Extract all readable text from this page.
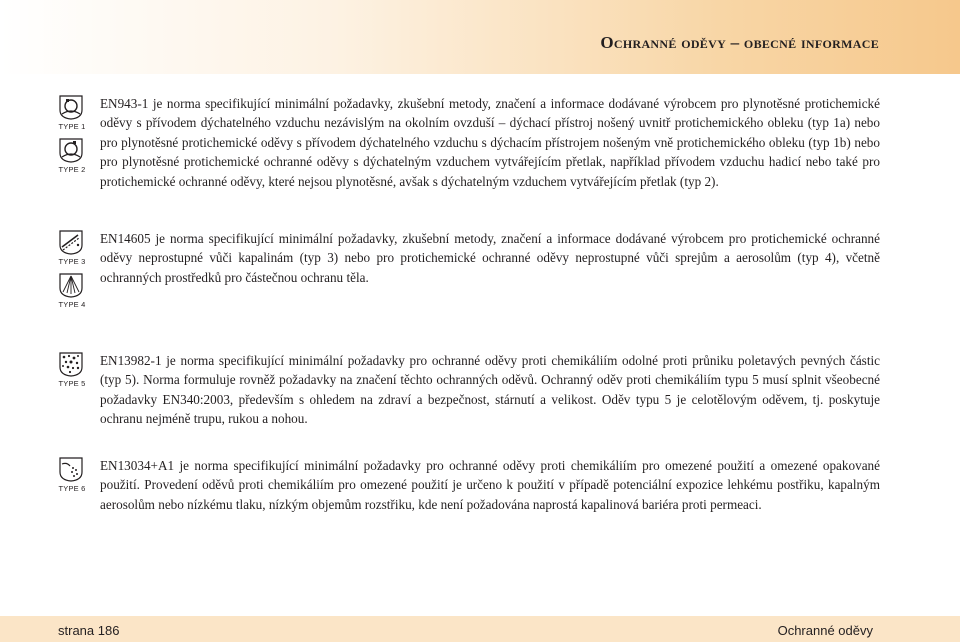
Ochranné oděvy – obecné informace
TYPE 1
TYPE 2

EN943-1 je norma specifikující minimální požadavky, zkušební metody, značení a informace dodávané výrobcem pro plynotěsné protichemické oděvy s přívodem dýchatelného vzduchu nezávislým na okolním ovzduší – dýchací přístroj nošený uvnitř protichemického obleku (typ 1a) nebo pro plynotěsné protichemické oděvy s přívodem dýchatelného vzduchu s dýchacím přístrojem nošeným vně protichemického obleku (typ 1b) nebo pro plynotěsné protichemické ochranné oděvy s dýchatelným vzduchem vytvářejícím přetlak, například přívodem vzduchu hadicí nebo také pro protichemické ochranné oděvy, které nejsou plynotěsné, avšak s dýchatelným vzduchem vytvářejícím přetlak (typ 2).

TYPE 3
TYPE 4

EN14605 je norma specifikující minimální požadavky, zkušební metody, značení a informace dodávané výrobcem pro protichemické ochranné oděvy neprostupné vůči kapalinám (typ 3) nebo pro protichemické ochranné oděvy neprostupné vůči sprejům a aerosolům (typ 4), včetně ochranných prostředků pro částečnou ochranu těla.

TYPE 5

EN13982-1 je norma specifikující minimální požadavky pro ochranné oděvy proti chemikáliím odolné proti průniku poletavých pevných částic (typ 5). Norma formuluje rovněž požadavky na značení těchto ochranných oděvů. Ochranný oděv proti chemikáliím typu 5 musí splnit všeobecné požadavky EN340:2003, především s ohledem na zdraví a bezpečnost, stárnutí a velikost. Oděv typu 5 je celotělovým oděvem, tj. poskytuje ochranu nejméně trupu, rukou a nohou.

TYPE 6

EN13034+A1 je norma specifikující minimální požadavky pro ochranné oděvy proti chemikáliím pro omezené použití a omezené opakované použití. Provedení oděvů proti chemikáliím pro omezené použití je určeno k použití v případě potenciální expozice lehkému postřiku, kapalným aerosolům nebo nízkému tlaku, nízkým objemům rozstřiku, kde není požadována naprostá kapalinová bariéra proti permeaci.

strana 186	Ochranné oděvy
